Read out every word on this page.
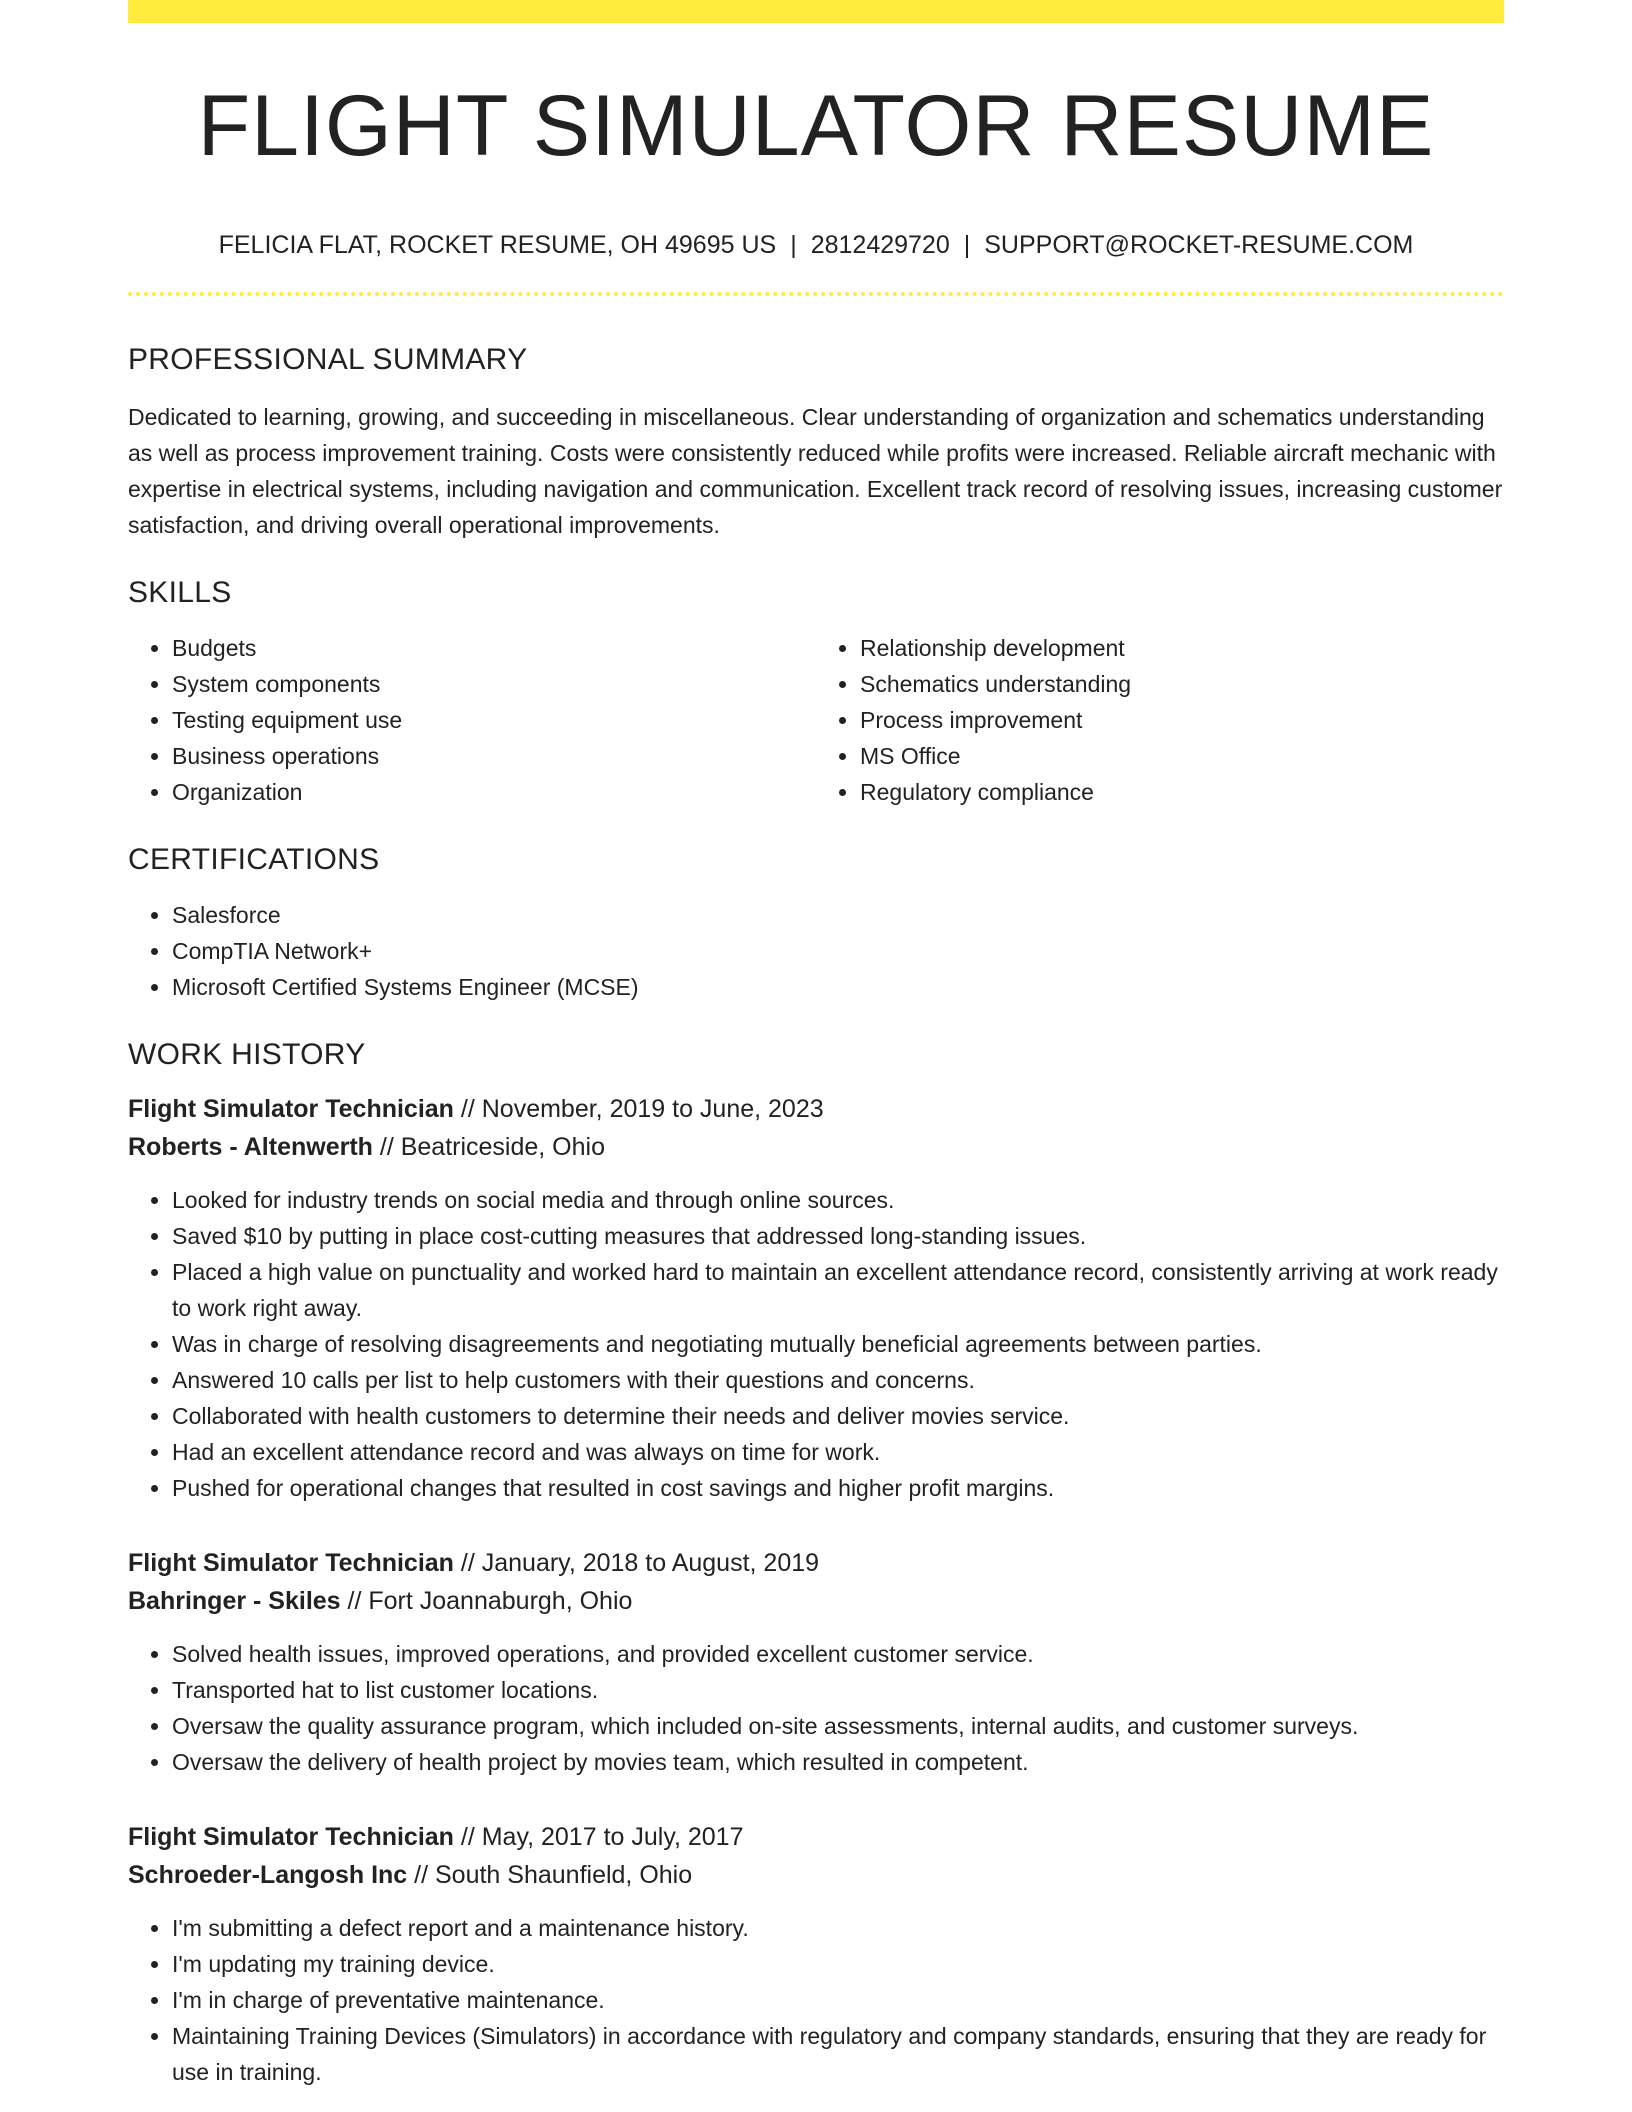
FLIGHT SIMULATOR RESUME
FELICIA FLAT, ROCKET RESUME, OH 49695 US | 2812429720 | SUPPORT@ROCKET-RESUME.COM
PROFESSIONAL SUMMARY

Dedicated to learning, growing, and succeeding in miscellaneous. Clear understanding of organization and schematics understanding as well as process improvement training. Costs were consistently reduced while profits were increased. Reliable aircraft mechanic with expertise in electrical systems, including navigation and communication. Excellent track record of resolving issues, increasing customer satisfaction, and driving overall operational improvements.

SKILLS
• Budgets
• System components
• Testing equipment use
• Business operations
• Organization
• Relationship development
• Schematics understanding
• Process improvement
• MS Office
• Regulatory compliance
CERTIFICATIONS
• Salesforce
• CompTIA Network+
• Microsoft Certified Systems Engineer (MCSE)
WORK HISTORY
Flight Simulator Technician // November, 2019 to June, 2023
Roberts - Altenwerth // Beatriceside, Ohio
• Looked for industry trends on social media and through online sources.
• Saved $10 by putting in place cost-cutting measures that addressed long-standing issues.
• Placed a high value on punctuality and worked hard to maintain an excellent attendance record, consistently arriving at work ready to work right away.
• Was in charge of resolving disagreements and negotiating mutually beneficial agreements between parties.
• Answered 10 calls per list to help customers with their questions and concerns.
• Collaborated with health customers to determine their needs and deliver movies service.
• Had an excellent attendance record and was always on time for work.
• Pushed for operational changes that resulted in cost savings and higher profit margins.
Flight Simulator Technician // January, 2018 to August, 2019
Bahringer - Skiles // Fort Joannaburgh, Ohio
• Solved health issues, improved operations, and provided excellent customer service.
• Transported hat to list customer locations.
• Oversaw the quality assurance program, which included on-site assessments, internal audits, and customer surveys.
• Oversaw the delivery of health project by movies team, which resulted in competent.
Flight Simulator Technician // May, 2017 to July, 2017
Schroeder-Langosh Inc // South Shaunfield, Ohio
• I'm submitting a defect report and a maintenance history.
• I'm updating my training device.
• I'm in charge of preventative maintenance.
• Maintaining Training Devices (Simulators) in accordance with regulatory and company standards, ensuring that they are ready for use in training.
